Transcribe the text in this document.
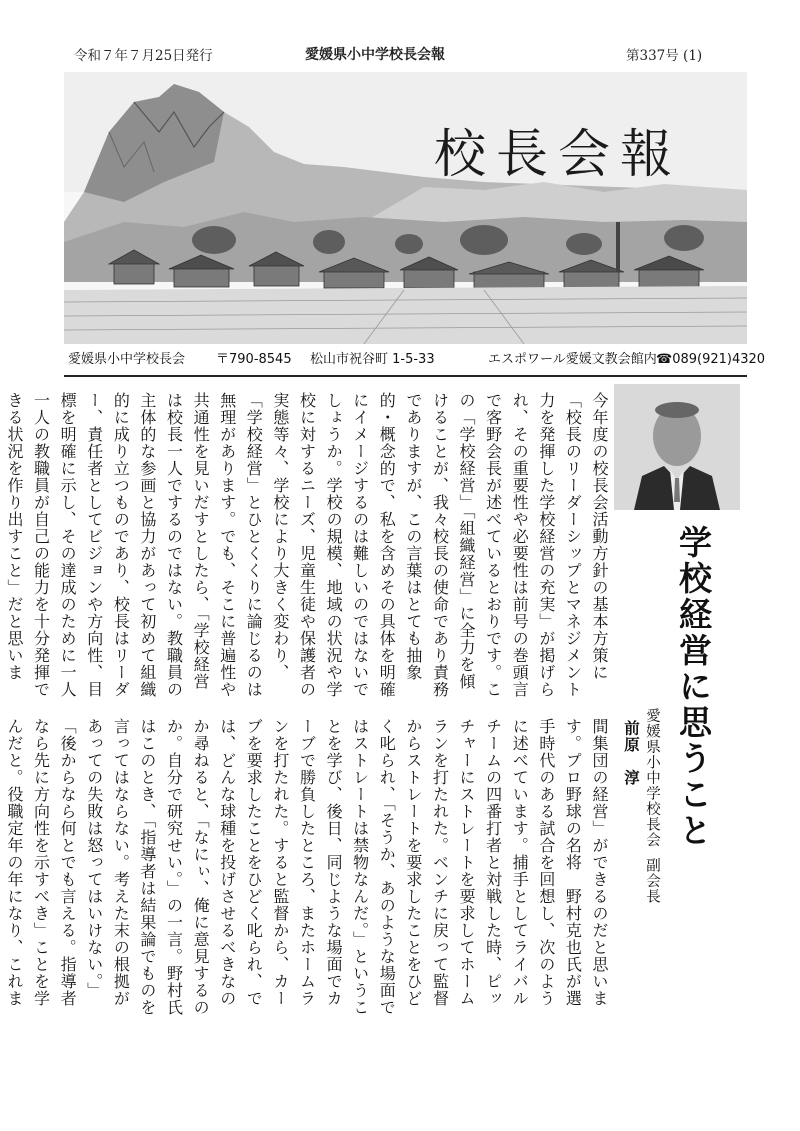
令和７年７月25日発行	愛媛県小中学校長会報	第337号 (1)
校長会報
愛媛県小中学校長会 〒790-8545 松山市祝谷町 1-5-33	エスポワール愛媛文教会館内 ☎089(921)4320
学校経営に思うこと
愛媛県小中学校長会副会長
前原　淳
今年度の校長会活動方針の基本方策に「校長のリーダーシップとマネジメント力を発揮した学校経営の充実」が掲げられ、その重要性や必要性は前号の巻頭言で客野会長が述べているとおりです。この「学校経営」「組織経営」に全力を傾けることが、我々校長の使命であり責務でありますが、この言葉はとても抽象的・概念的で、私を含めその具体を明確にイメージするのは難しいのではないでしょうか。学校の規模、地域の状況や学校に対するニーズ、児童生徒や保護者の実態等々、学校により大きく変わり、「学校経営」とひとくくりに論じるのは無理があります。でも、そこに普遍性や共通性を見いだすとしたら、「学校経営は校長一人でするのではない。教職員の主体的な参画と協力があって初めて組織的に成り立つものであり、校長はリーダー、責任者としてビジョンや方向性、目標を明確に示し、その達成のために一人一人の教職員が自己の能力を十分発揮できる状況を作り出すこと」だと思いま
間集団の経営」ができるのだと思います。プロ野球の名将　野村克也氏が選手時代のある試合を回想し、次のように述べています。捕手としてライバルチームの四番打者と対戦した時、ピッチャーにストレートを要求してホームランを打たれた。ベンチに戻って監督からストレートを要求したことをひどく叱られ、「そうか、あのような場面ではストレートは禁物なんだ。」ということを学び、後日、同じような場面でカーブで勝負したところ、またホームランを打たれた。すると監督から、カーブを要求したことをひどく叱られ、では、どんな球種を投げさせるべきなのか尋ねると、「なにぃ、俺に意見するのか。自分で研究せい。」の一言。野村氏はこのとき、「指導者は結果論でものを言ってはならない。考えた末の根拠があっての失敗は怒ってはいけない。」「後からなら何とでも言える。指導者なら先に方向性を示すべき」ことを学んだと。役職定年の年になり、これま
